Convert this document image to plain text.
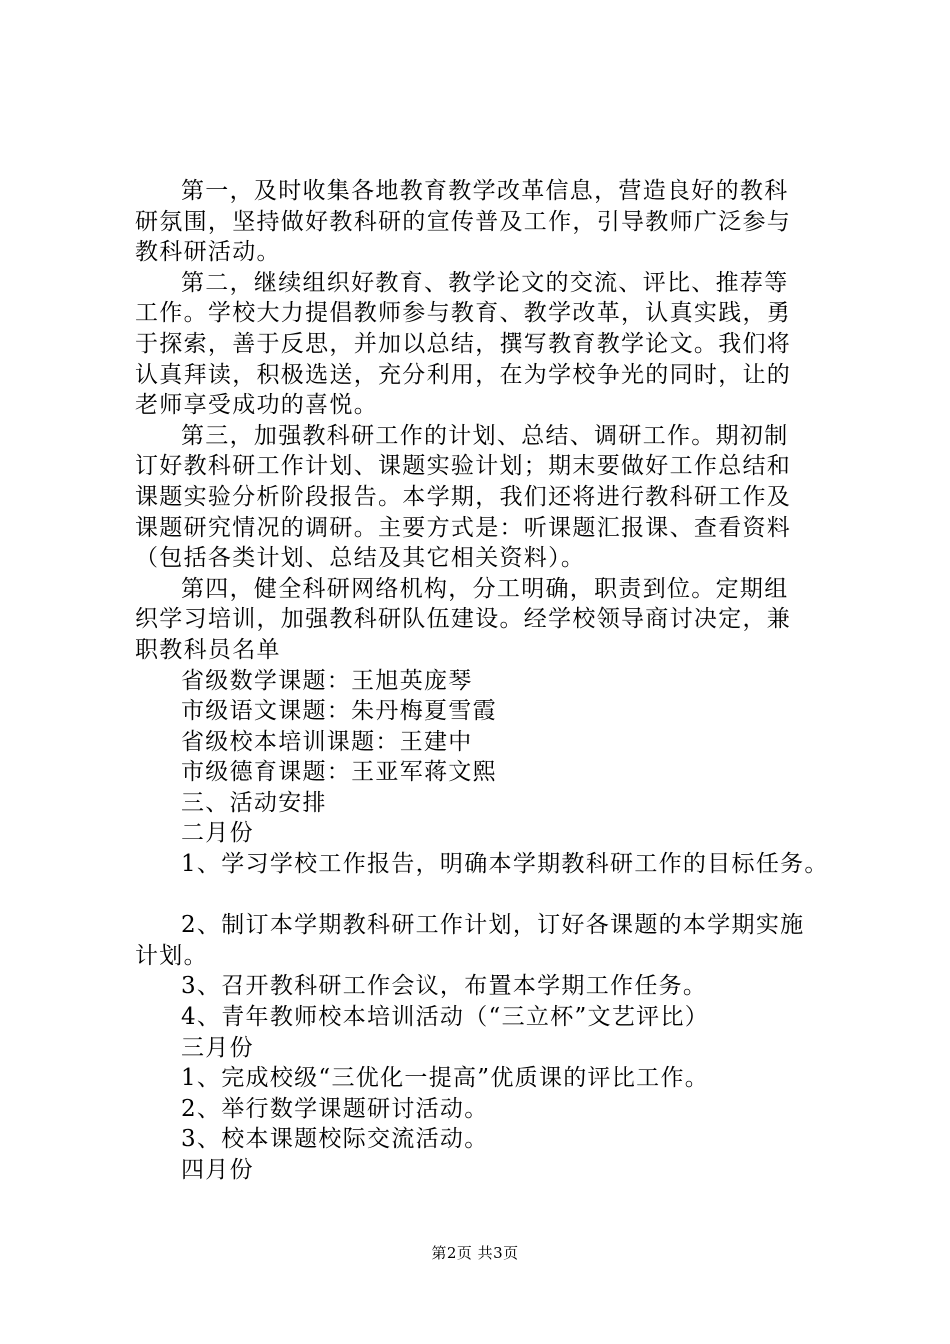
第一，及时收集各地教育教学改革信息，营造良好的教科
研氛围，坚持做好教科研的宣传普及工作，引导教师广泛参与
教科研活动。
第二，继续组织好教育、教学论文的交流、评比、推荐等
工作。学校大力提倡教师参与教育、教学改革，认真实践，勇
于探索，善于反思，并加以总结，撰写教育教学论文。我们将
认真拜读，积极选送，充分利用，在为学校争光的同时，让的
老师享受成功的喜悦。
第三，加强教科研工作的计划、总结、调研工作。期初制
订好教科研工作计划、课题实验计划；期末要做好工作总结和
课题实验分析阶段报告。本学期，我们还将进行教科研工作及
课题研究情况的调研。主要方式是：听课题汇报课、查看资料
（包括各类计划、总结及其它相关资料）。
第四，健全科研网络机构，分工明确，职责到位。定期组
织学习培训，加强教科研队伍建设。经学校领导商讨决定，兼
职教科员名单
省级数学课题：王旭英庞琴
市级语文课题：朱丹梅夏雪霞
省级校本培训课题：王建中
市级德育课题：王亚军蒋文熙
三、活动安排
二月份
1、学习学校工作报告，明确本学期教科研工作的目标任务。
2、制订本学期教科研工作计划，订好各课题的本学期实施
计划。
3、召开教科研工作会议，布置本学期工作任务。
4、青年教师校本培训活动（“三立杯”文艺评比）
三月份
1、完成校级“三优化一提高”优质课的评比工作。
2、举行数学课题研讨活动。
3、校本课题校际交流活动。
四月份
第2页 共3页
